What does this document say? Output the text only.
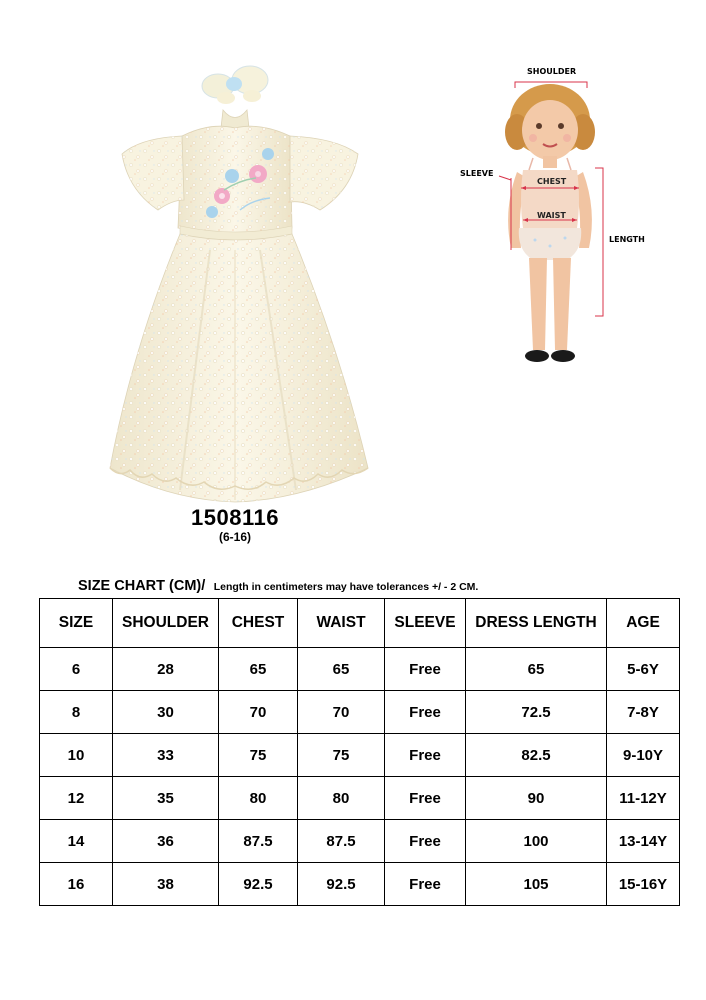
1508116
(6-16)
SHOULDER
SLEEVE
CHEST
WAIST
LENGTH
SIZE CHART (CM)/ Length in centimeters may have tolerances +/ - 2 CM.
SIZE	SHOULDER	CHEST	WAIST	SLEEVE	DRESS LENGTH	AGE
6	28	65	65	Free	65	5-6Y
8	30	70	70	Free	72.5	7-8Y
10	33	75	75	Free	82.5	9-10Y
12	35	80	80	Free	90	11-12Y
14	36	87.5	87.5	Free	100	13-14Y
16	38	92.5	92.5	Free	105	15-16Y
